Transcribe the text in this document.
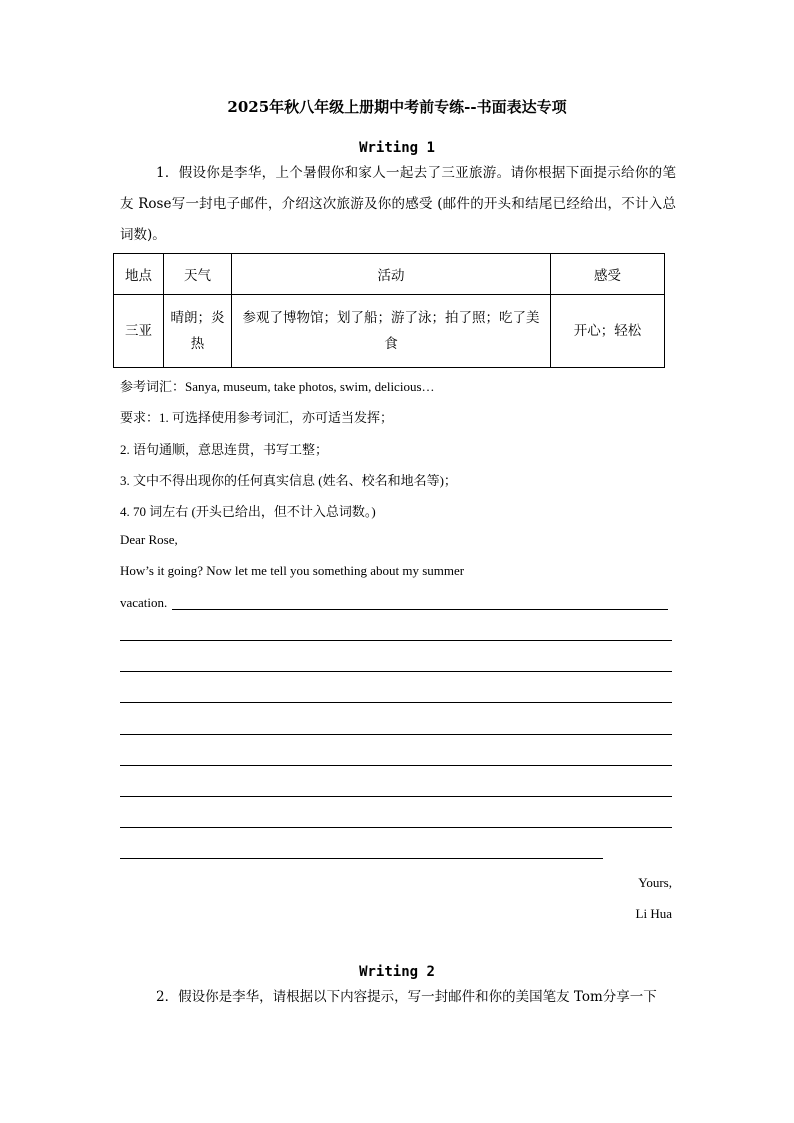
2025年秋八年级上册期中考前专练--书面表达专项
Writing 1
1．假设你是李华，上个暑假你和家人一起去了三亚旅游。请你根据下面提示给你的笔友 Rose写一封电子邮件，介绍这次旅游及你的感受 (邮件的开头和结尾已经给出，不计入总词数)。
地点	天气	活动	感受
三亚	晴朗；炎热	参观了博物馆；划了船；游了泳；拍了照；吃了美食	开心；轻松
参考词汇：Sanya, museum, take photos, swim, delicious…
要求：1. 可选择使用参考词汇，亦可适当发挥；
2. 语句通顺，意思连贯，书写工整；
3. 文中不得出现你的任何真实信息 (姓名、校名和地名等)；
4. 70 词左右 (开头已给出，但不计入总词数。)
Dear Rose,
How’s it going? Now let me tell you something about my summer
vacation.
Yours,
Li Hua
Writing 2
2．假设你是李华，请根据以下内容提示，写一封邮件和你的美国笔友 Tom分享一下
